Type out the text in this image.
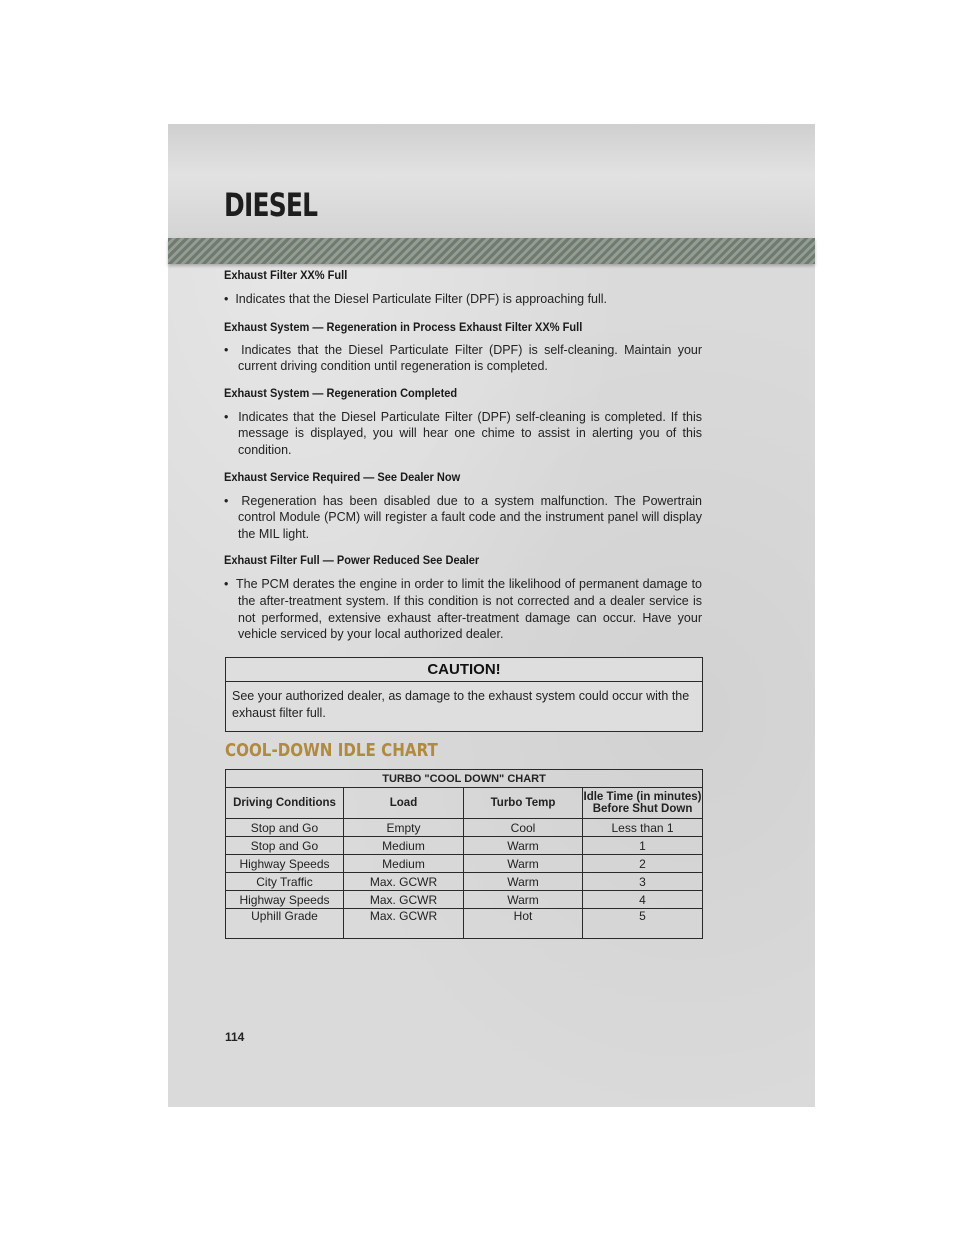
DIESEL

Exhaust Filter XX% Full

•  Indicates that the Diesel Particulate Filter (DPF) is approaching full.

Exhaust System — Regeneration in Process Exhaust Filter XX% Full

•  Indicates that the Diesel Particulate Filter (DPF) is self-cleaning. Maintain your current driving condition until regeneration is completed.

Exhaust System — Regeneration Completed

•  Indicates that the Diesel Particulate Filter (DPF) self-cleaning is completed. If this message is displayed, you will hear one chime to assist in alerting you of this condition.

Exhaust Service Required — See Dealer Now

•  Regeneration has been disabled due to a system malfunction. The Powertrain control Module (PCM) will register a fault code and the instrument panel will display the MIL light.

Exhaust Filter Full — Power Reduced See Dealer

•  The PCM derates the engine in order to limit the likelihood of permanent damage to the after-treatment system. If this condition is not corrected and a dealer service is not performed, extensive exhaust after-treatment damage can occur. Have your vehicle serviced by your local authorized dealer.

CAUTION!
See your authorized dealer, as damage to the exhaust system could occur with the exhaust filter full.
COOL-DOWN IDLE CHART
TURBO "COOL DOWN" CHART			
Driving Conditions	Load	Turbo Temp	Idle Time (in minutes) Before Shut Down
Stop and Go	Empty	Cool	Less than 1
Stop and Go	Medium	Warm	1
Highway Speeds	Medium	Warm	2
City Traffic	Max. GCWR	Warm	3
Highway Speeds	Max. GCWR	Warm	4
Uphill Grade	Max. GCWR	Hot	5
114
